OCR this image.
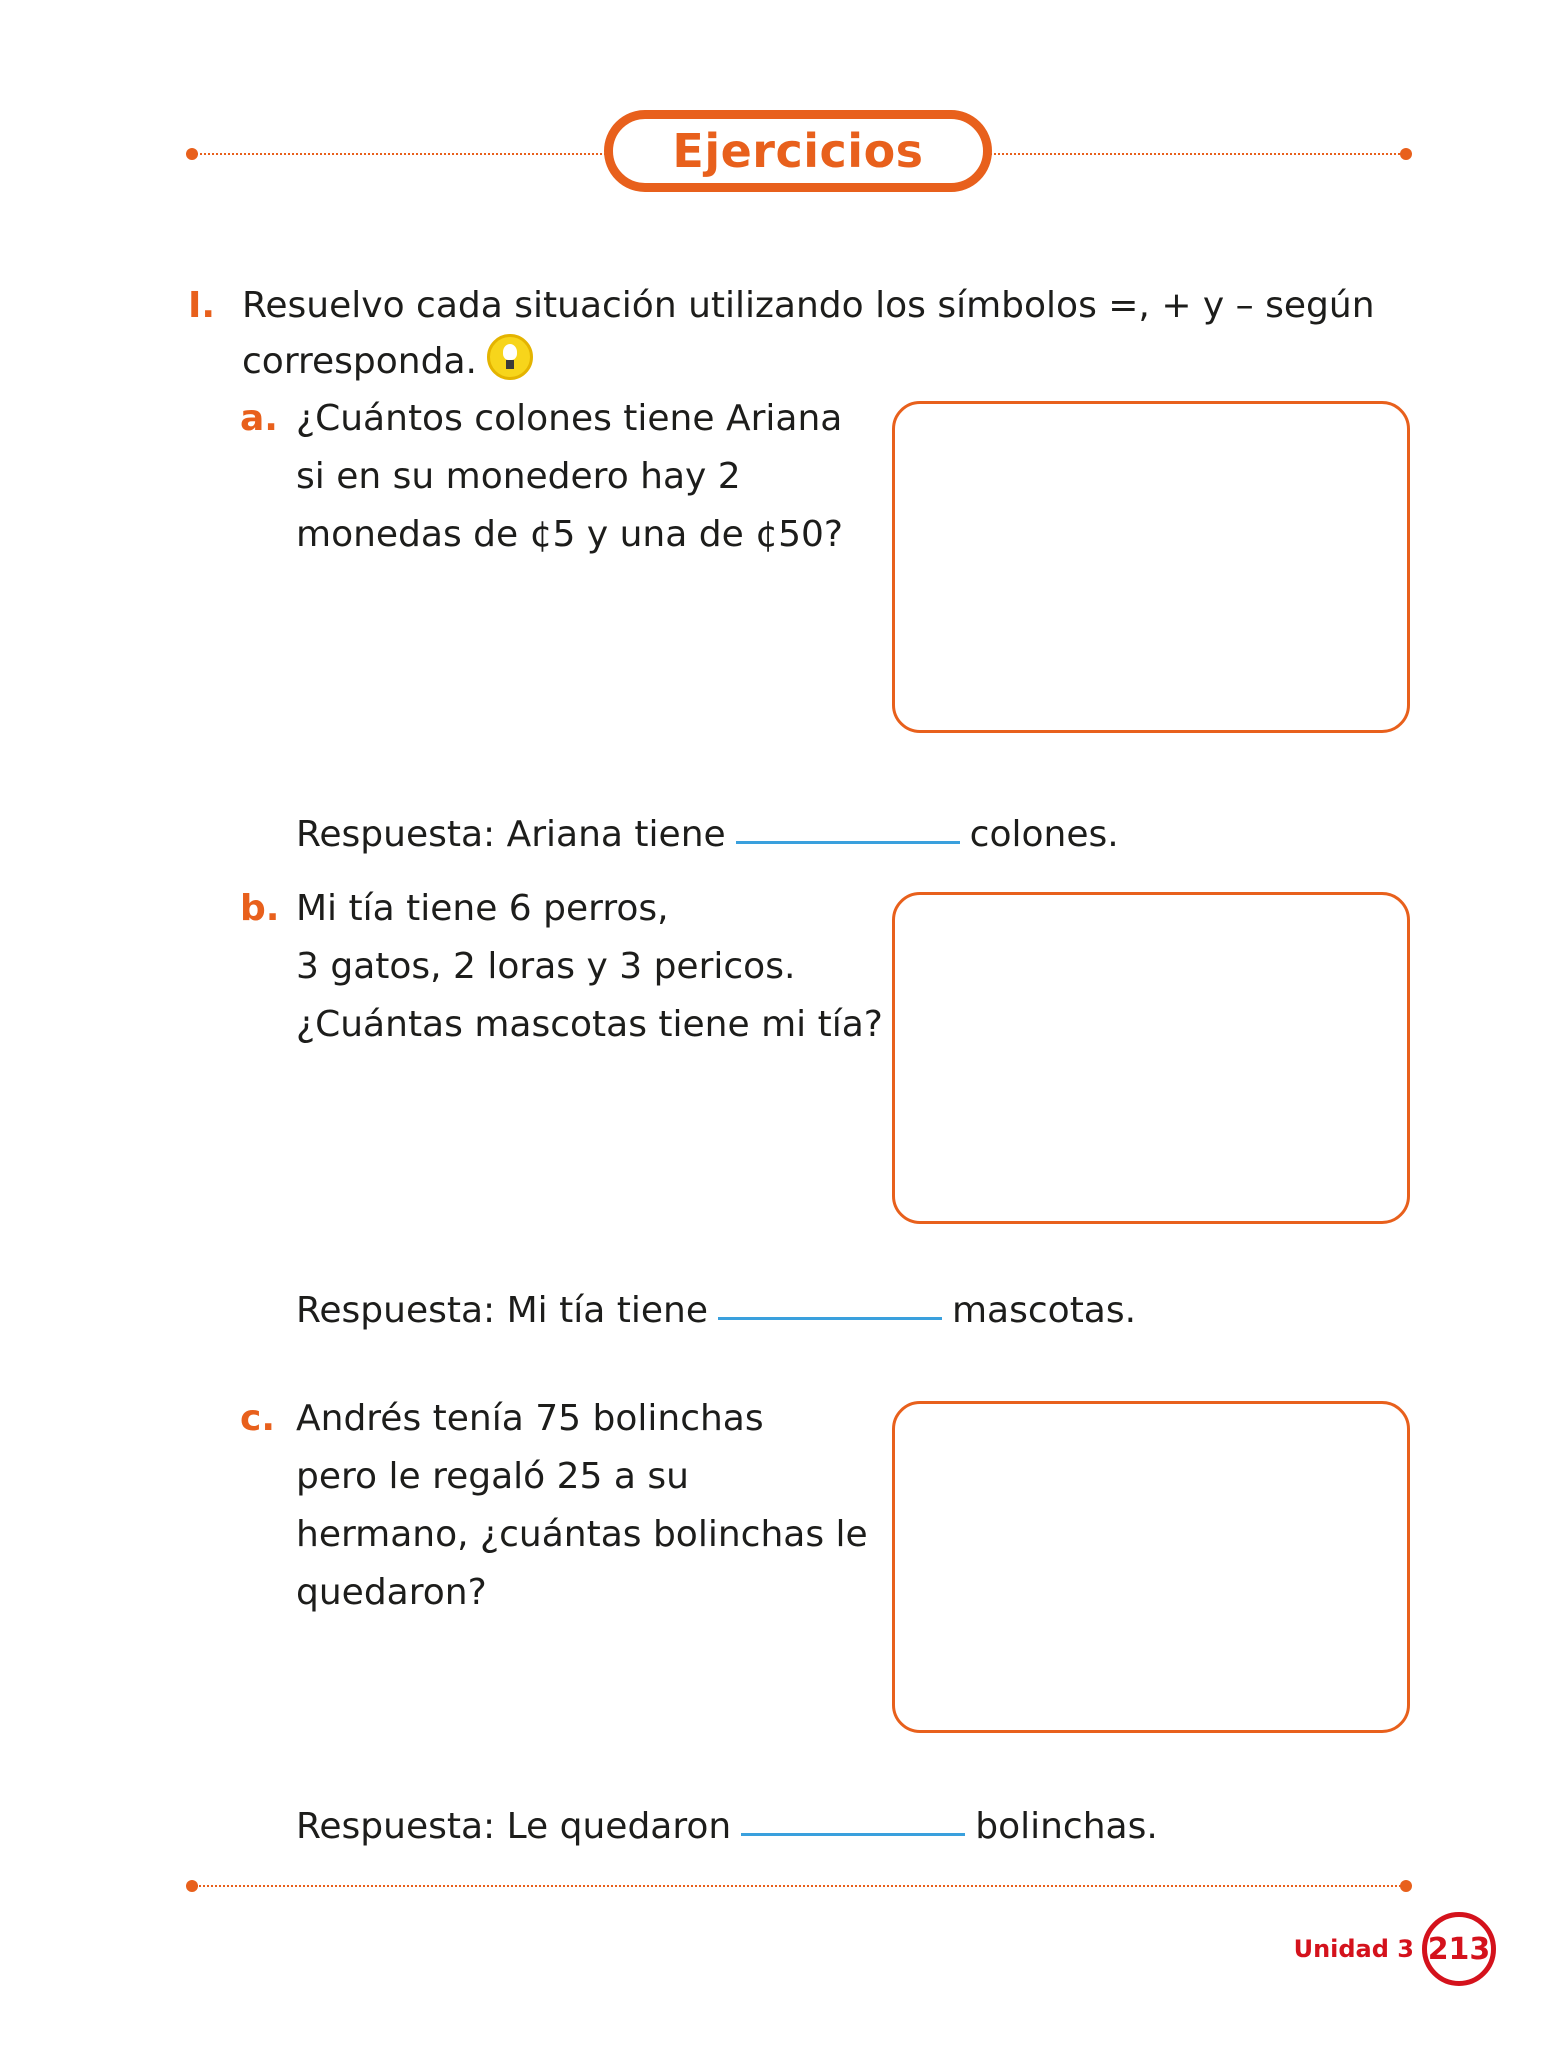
Ejercicios
I. Resuelvo cada situación utilizando los símbolos =, + y – según
corresponda.
a. ¿Cuántos colones tiene Ariana
si en su monedero hay 2
monedas de ¢5 y una de ¢50?
Respuesta: Ariana tiene	colones.
b. Mi tía tiene 6 perros,
3 gatos, 2 loras y 3 pericos.
¿Cuántas mascotas tiene mi tía?
Respuesta: Mi tía tiene	mascotas.
c. Andrés tenía 75 bolinchas
pero le regaló 25 a su
hermano, ¿cuántas bolinchas le
quedaron?
Respuesta: Le quedaron	bolinchas.
Unidad 3 213
